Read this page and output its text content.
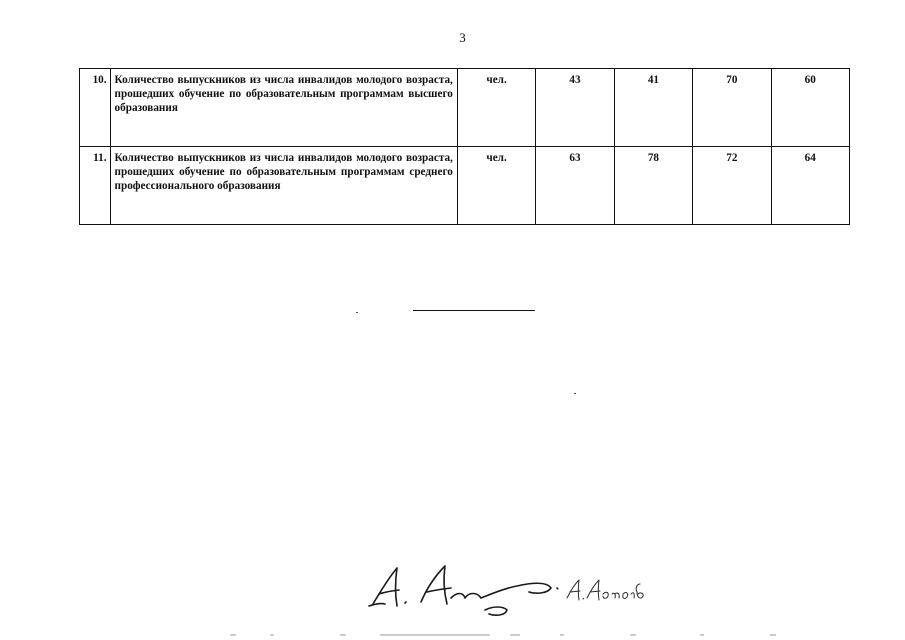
3
10.	Количество выпускников из числа инвалидов молодого возраста, прошедших обучение по образовательным программам высшего образования	чел.	43	41	70	60
11.	Количество выпускников из числа инвалидов молодого возраста, прошедших обучение по образовательным программам среднего профессионального образования	чел.	63	78	72	64
